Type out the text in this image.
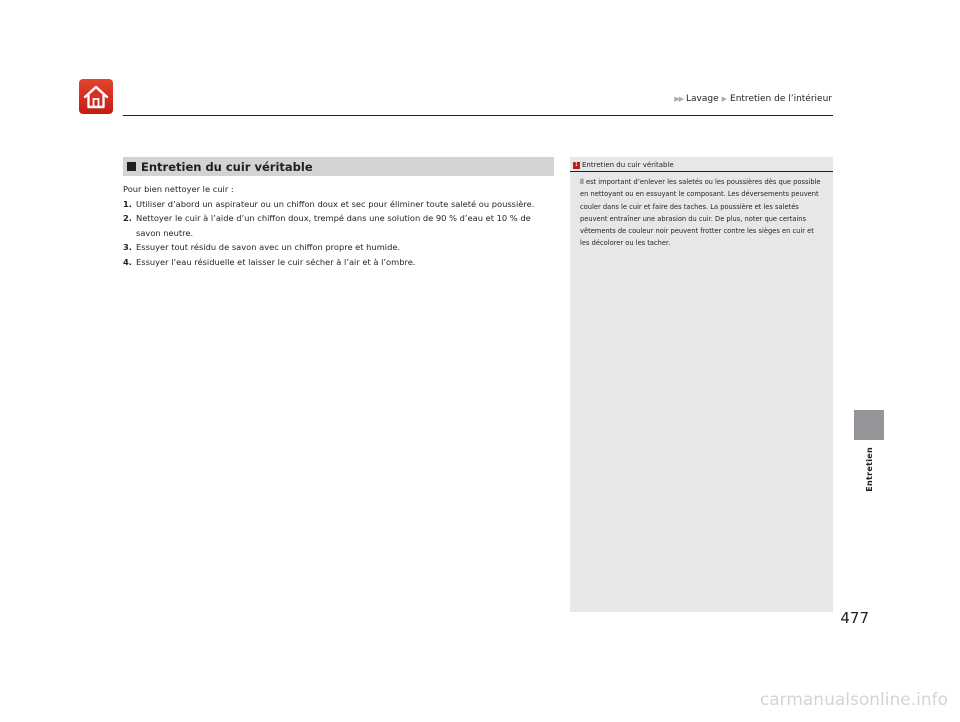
▶▶ Lavage ▶ Entretien de l’intérieur
Entretien du cuir véritable

Pour bien nettoyer le cuir :

1. Utiliser d’abord un aspirateur ou un chiffon doux et sec pour éliminer toute saleté ou poussière.
2. Nettoyer le cuir à l’aide d’un chiffon doux, trempé dans une solution de 90 % d’eau et 10 % de savon neutre.
3. Essuyer tout résidu de savon avec un chiffon propre et humide.
4. Essuyer l’eau résiduelle et laisser le cuir sécher à l’air et à l’ombre.
1 Entretien du cuir véritable
Il est important d’enlever les saletés ou les poussières dès que possible en nettoyant ou en essuyant le composant. Les déversements peuvent couler dans le cuir et faire des taches. La poussière et les saletés peuvent entraîner une abrasion du cuir. De plus, noter que certains vêtements de couleur noir peuvent frotter contre les sièges en cuir et les décolorer ou les tacher.
Entretien
477
carmanualsonline.info
